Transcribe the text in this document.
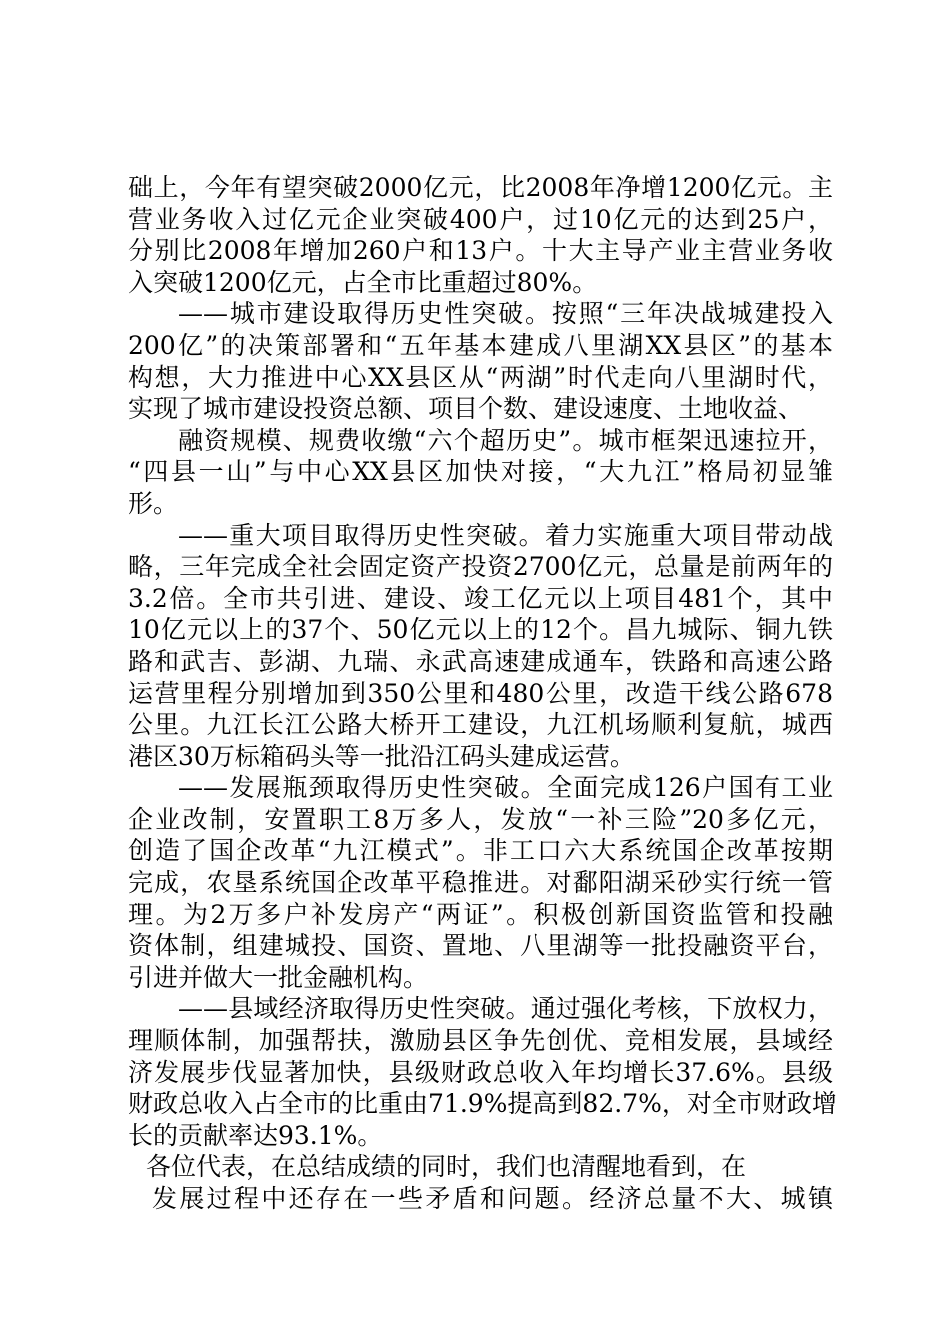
础上，今年有望突破2000亿元，比2008年净增1200亿元。主
营业务收入过亿元企业突破400户，过10亿元的达到25户，
分别比2008年增加260户和13户。十大主导产业主营业务收
入突破1200亿元，占全市比重超过80%。
——城市建设取得历史性突破。按照“三年决战城建投入
200亿”的决策部署和“五年基本建成八里湖XX县区”的基本
构想，大力推进中心XX县区从“两湖”时代走向八里湖时代，
实现了城市建设投资总额、项目个数、建设速度、土地收益、
融资规模、规费收缴“六个超历史”。城市框架迅速拉开，
“四县一山”与中心XX县区加快对接，“大九江”格局初显雏
形。
——重大项目取得历史性突破。着力实施重大项目带动战
略，三年完成全社会固定资产投资2700亿元，总量是前两年的
3.2倍。全市共引进、建设、竣工亿元以上项目481个，其中
10亿元以上的37个、50亿元以上的12个。昌九城际、铜九铁
路和武吉、彭湖、九瑞、永武高速建成通车，铁路和高速公路
运营里程分别增加到350公里和480公里，改造干线公路678
公里。九江长江公路大桥开工建设，九江机场顺利复航，城西
港区30万标箱码头等一批沿江码头建成运营。
——发展瓶颈取得历史性突破。全面完成126户国有工业
企业改制，安置职工8万多人，发放“一补三险”20多亿元，
创造了国企改革“九江模式”。非工口六大系统国企改革按期
完成，农垦系统国企改革平稳推进。对鄱阳湖采砂实行统一管
理。为2万多户补发房产“两证”。积极创新国资监管和投融
资体制，组建城投、国资、置地、八里湖等一批投融资平台，
引进并做大一批金融机构。
——县域经济取得历史性突破。通过强化考核，下放权力，
理顺体制，加强帮扶，激励县区争先创优、竞相发展，县域经
济发展步伐显著加快，县级财政总收入年均增长37.6%。县级
财政总收入占全市的比重由71.9%提高到82.7%，对全市财政增
长的贡献率达93.1%。
各位代表，在总结成绩的同时，我们也清醒地看到，在
发展过程中还存在一些矛盾和问题。经济总量不大、城镇
